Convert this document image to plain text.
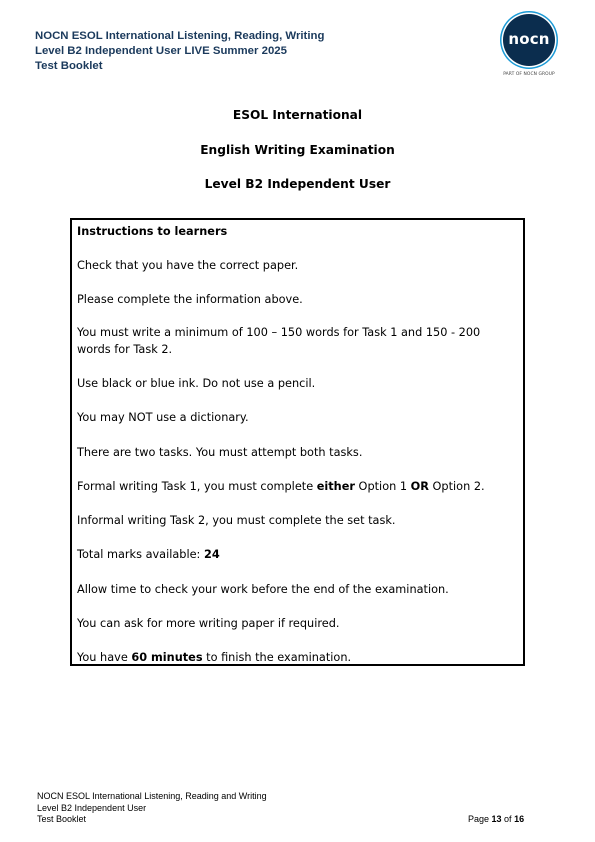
NOCN ESOL International Listening, Reading, Writing
Level B2 Independent User LIVE Summer 2025
Test Booklet
nocn
PART OF NOCN GROUP
ESOL International
English Writing Examination
Level B2 Independent User

Instructions to learners

Check that you have the correct paper.

Please complete the information above.

You must write a minimum of 100 – 150 words for Task 1 and 150 - 200
words for Task 2.

Use black or blue ink. Do not use a pencil.

You may NOT use a dictionary.

There are two tasks. You must attempt both tasks.

Formal writing Task 1, you must complete either Option 1 OR Option 2.

Informal writing Task 2, you must complete the set task.

Total marks available: 24

Allow time to check your work before the end of the examination.

You can ask for more writing paper if required.

You have 60 minutes to finish the examination.

NOCN ESOL International Listening, Reading and Writing
Level B2 Independent User
Test Booklet	Page 13 of 16
